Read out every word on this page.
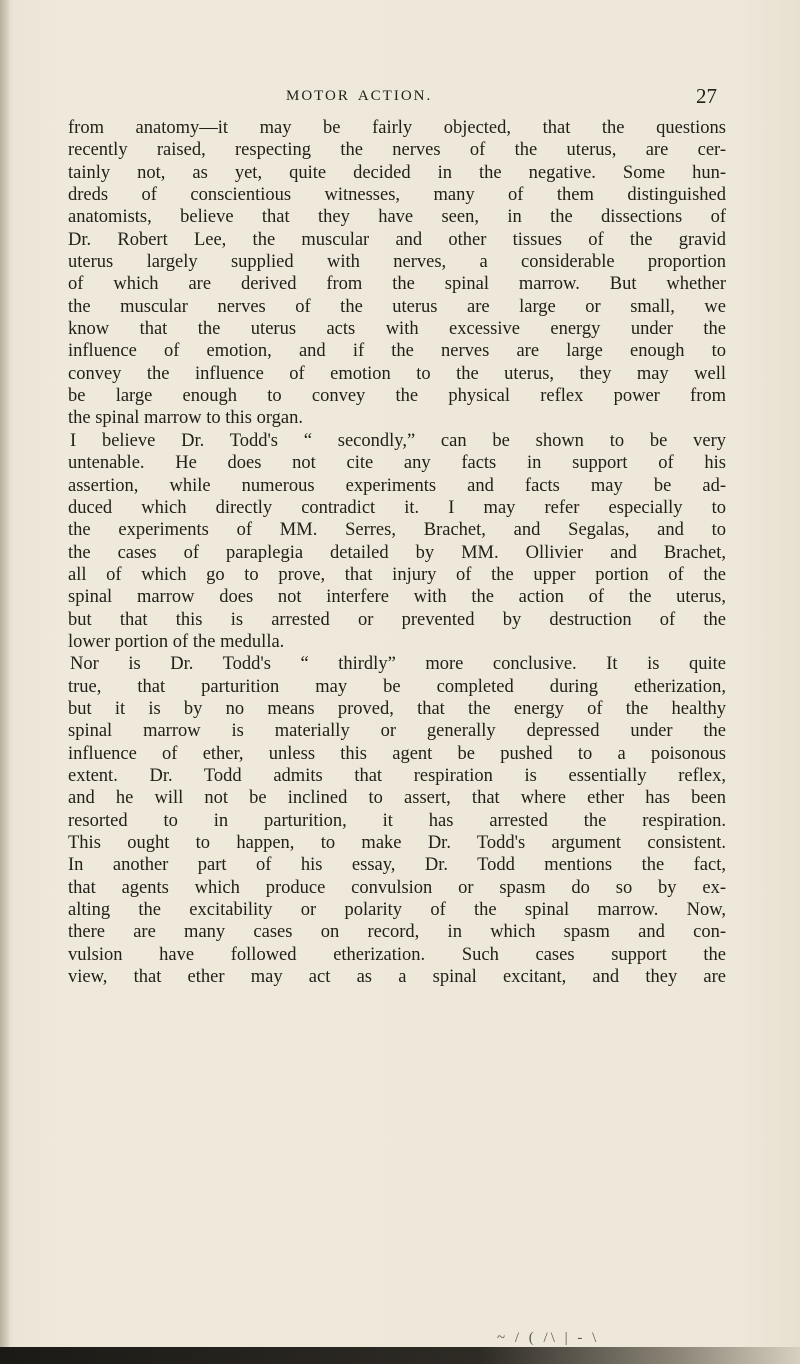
MOTOR ACTION.	27
from anatomy—it may be fairly objected, that the questions
recently raised, respecting the nerves of the uterus, are cer-
tainly not, as yet, quite decided in the negative. Some hun-
dreds of conscientious witnesses, many of them distinguished
anatomists, believe that they have seen, in the dissections of
Dr. Robert Lee, the muscular and other tissues of the gravid
uterus largely supplied with nerves, a considerable proportion
of which are derived from the spinal marrow. But whether
the muscular nerves of the uterus are large or small, we
know that the uterus acts with excessive energy under the
influence of emotion, and if the nerves are large enough to
convey the influence of emotion to the uterus, they may well
be large enough to convey the physical reflex power from
the spinal marrow to this organ.
I believe Dr. Todd's “ secondly,” can be shown to be very
untenable. He does not cite any facts in support of his
assertion, while numerous experiments and facts may be ad-
duced which directly contradict it. I may refer especially to
the experiments of MM. Serres, Brachet, and Segalas, and to
the cases of paraplegia detailed by MM. Ollivier and Brachet,
all of which go to prove, that injury of the upper portion of the
spinal marrow does not interfere with the action of the uterus,
but that this is arrested or prevented by destruction of the
lower portion of the medulla.
Nor is Dr. Todd's “ thirdly” more conclusive. It is quite
true, that parturition may be completed during etherization,
but it is by no means proved, that the energy of the healthy
spinal marrow is materially or generally depressed under the
influence of ether, unless this agent be pushed to a poisonous
extent. Dr. Todd admits that respiration is essentially reflex,
and he will not be inclined to assert, that where ether has been
resorted to in parturition, it has arrested the respiration.
This ought to happen, to make Dr. Todd's argument consistent.
In another part of his essay, Dr. Todd mentions the fact,
that agents which produce convulsion or spasm do so by ex-
alting the excitability or polarity of the spinal marrow. Now,
there are many cases on record, in which spasm and con-
vulsion have followed etherization. Such cases support the
view, that ether may act as a spinal excitant, and they are
~ / ( /\ | - \
